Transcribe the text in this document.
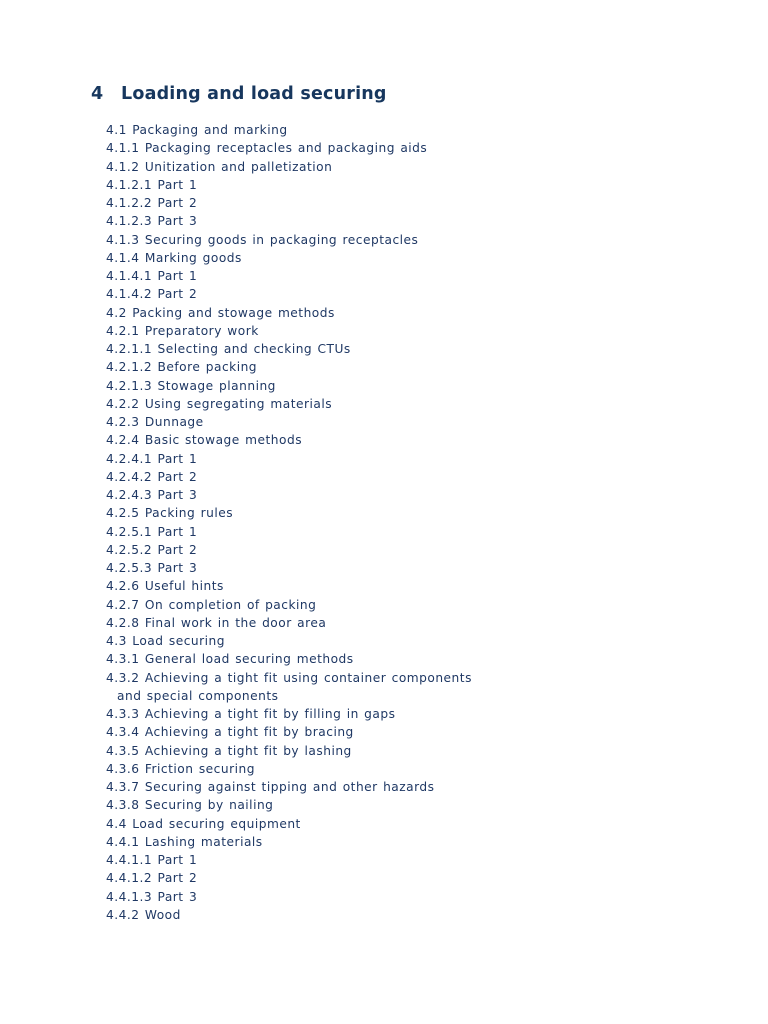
4 Loading and load securing
4.1 Packaging and marking
4.1.1 Packaging receptacles and packaging aids
4.1.2 Unitization and palletization
4.1.2.1 Part 1
4.1.2.2 Part 2
4.1.2.3 Part 3
4.1.3 Securing goods in packaging receptacles
4.1.4 Marking goods
4.1.4.1 Part 1
4.1.4.2 Part 2
4.2 Packing and stowage methods
4.2.1 Preparatory work
4.2.1.1 Selecting and checking CTUs
4.2.1.2 Before packing
4.2.1.3 Stowage planning
4.2.2 Using segregating materials
4.2.3 Dunnage
4.2.4 Basic stowage methods
4.2.4.1 Part 1
4.2.4.2 Part 2
4.2.4.3 Part 3
4.2.5 Packing rules
4.2.5.1 Part 1
4.2.5.2 Part 2
4.2.5.3 Part 3
4.2.6 Useful hints
4.2.7 On completion of packing
4.2.8 Final work in the door area
4.3 Load securing
4.3.1 General load securing methods
4.3.2 Achieving a tight fit using container components
and special components
4.3.3 Achieving a tight fit by filling in gaps
4.3.4 Achieving a tight fit by bracing
4.3.5 Achieving a tight fit by lashing
4.3.6 Friction securing
4.3.7 Securing against tipping and other hazards
4.3.8 Securing by nailing
4.4 Load securing equipment
4.4.1 Lashing materials
4.4.1.1 Part 1
4.4.1.2 Part 2
4.4.1.3 Part 3
4.4.2 Wood
